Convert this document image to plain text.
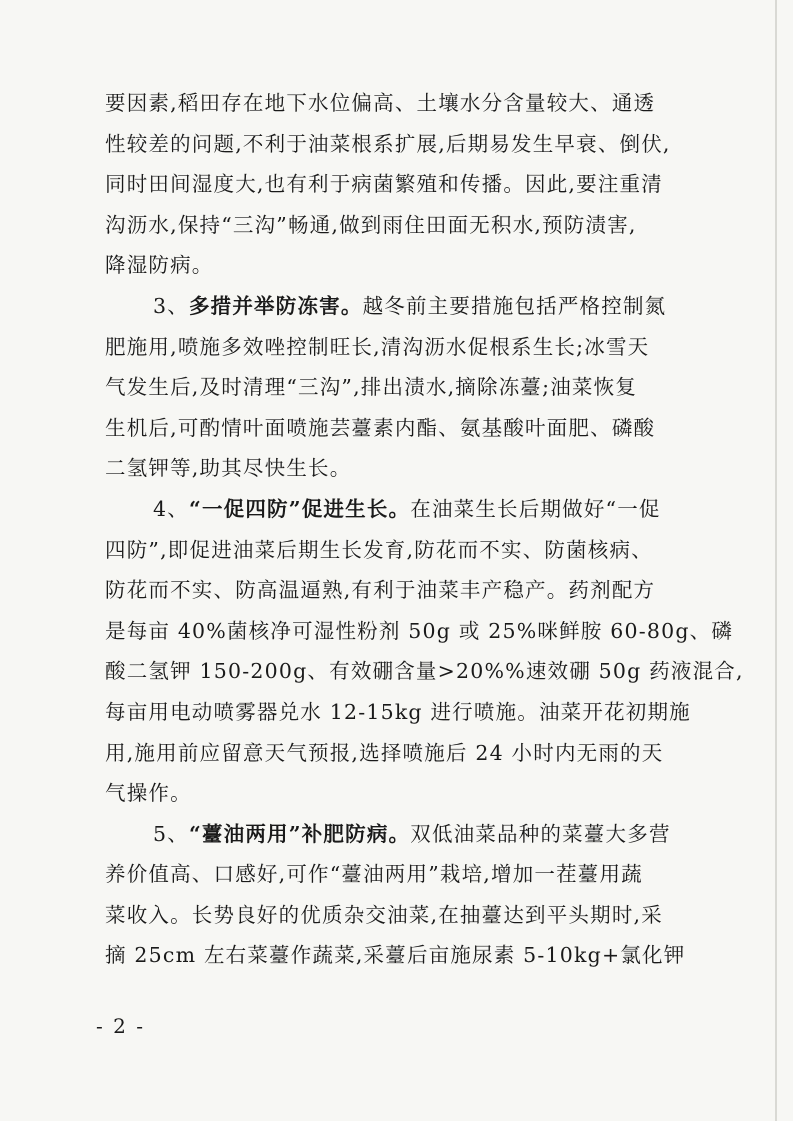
要因素,稻田存在地下水位偏高、土壤水分含量较大、通透
性较差的问题,不利于油菜根系扩展,后期易发生早衰、倒伏,
同时田间湿度大,也有利于病菌繁殖和传播。因此,要注重清
沟沥水,保持“三沟”畅通,做到雨住田面无积水,预防渍害,
降湿防病。
3、多措并举防冻害。越冬前主要措施包括严格控制氮
肥施用,喷施多效唑控制旺长,清沟沥水促根系生长;冰雪天
气发生后,及时清理“三沟”,排出渍水,摘除冻薹;油菜恢复
生机后,可酌情叶面喷施芸薹素内酯、氨基酸叶面肥、磷酸
二氢钾等,助其尽快生长。
4、“一促四防”促进生长。在油菜生长后期做好“一促
四防”,即促进油菜后期生长发育,防花而不实、防菌核病、
防花而不实、防高温逼熟,有利于油菜丰产稳产。药剂配方
是每亩 40%菌核净可湿性粉剂 50g 或 25%咪鲜胺 60-80g、磷
酸二氢钾 150-200g、有效硼含量>20%%速效硼 50g 药液混合,
每亩用电动喷雾器兑水 12-15kg 进行喷施。油菜开花初期施
用,施用前应留意天气预报,选择喷施后 24 小时内无雨的天
气操作。
5、“薹油两用”补肥防病。双低油菜品种的菜薹大多营
养价值高、口感好,可作“薹油两用”栽培,增加一茬薹用蔬
菜收入。长势良好的优质杂交油菜,在抽薹达到平头期时,采
摘 25cm 左右菜薹作蔬菜,采薹后亩施尿素 5-10kg+氯化钾
- 2 -
